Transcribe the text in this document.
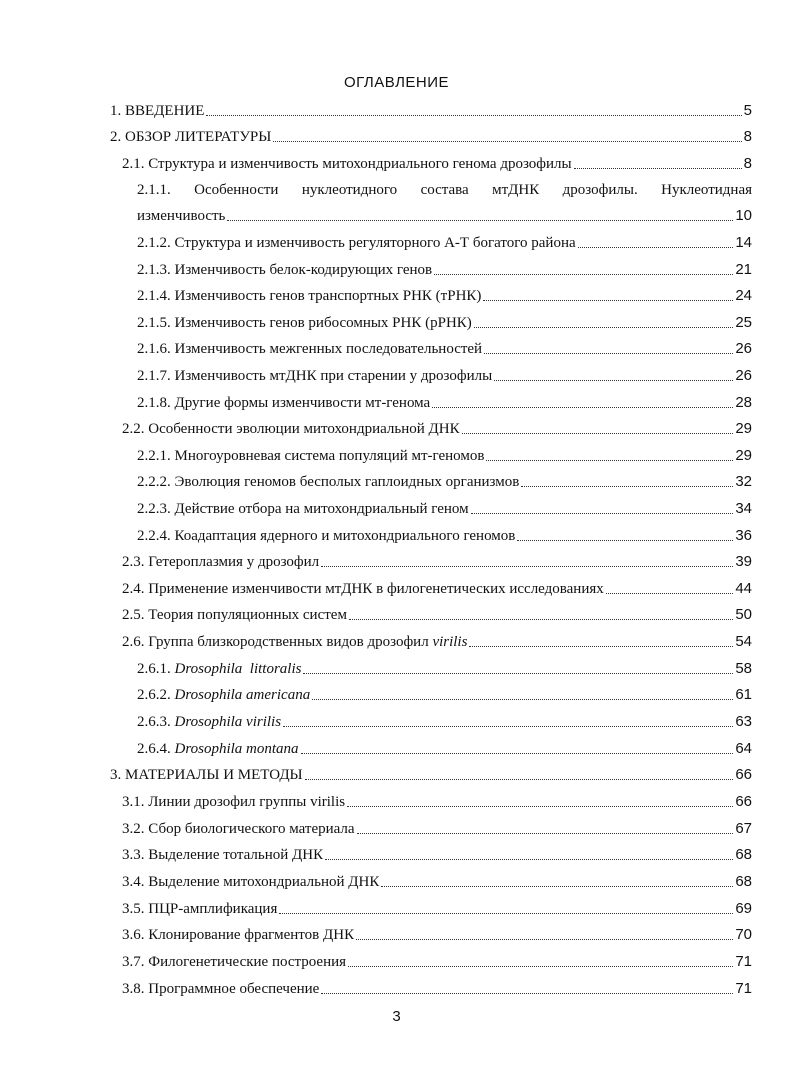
ОГЛАВЛЕНИЕ
1. ВВЕДЕНИЕ	5
2. ОБЗОР ЛИТЕРАТУРЫ	8
2.1. Структура и изменчивость митохондриального генома дрозофилы	8
2.1.1. Особенности нуклеотидного состава мтДНК дрозофилы. Нуклеотидная
изменчивость	10
2.1.2. Структура и изменчивость регуляторного А-Т богатого района	14
2.1.3. Изменчивость белок-кодирующих генов	21
2.1.4. Изменчивость генов транспортных РНК (тРНК)	24
2.1.5. Изменчивость генов рибосомных РНК (рРНК)	25
2.1.6. Изменчивость межгенных последовательностей	26
2.1.7. Изменчивость мтДНК при старении у дрозофилы	26
2.1.8. Другие формы изменчивости мт-генома	28
2.2. Особенности эволюции митохондриальной ДНК	29
2.2.1. Многоуровневая система популяций мт-геномов	29
2.2.2. Эволюция геномов бесполых гаплоидных организмов	32
2.2.3. Действие отбора на митохондриальный геном	34
2.2.4. Коадаптация ядерного и митохондриального геномов	36
2.3. Гетероплазмия у дрозофил	39
2.4. Применение изменчивости мтДНК в филогенетических исследованиях	44
2.5. Теория популяционных систем	50
2.6. Группа близкородственных видов дрозофил virilis	54
2.6.1. Drosophila  littoralis	58
2.6.2. Drosophila americana	61
2.6.3. Drosophila virilis	63
2.6.4. Drosophila montana	64
3. МАТЕРИАЛЫ И МЕТОДЫ	66
3.1. Линии дрозофил группы virilis	66
3.2. Сбор биологического материала	67
3.3. Выделение тотальной ДНК	68
3.4. Выделение митохондриальной ДНК	68
3.5. ПЦР-амплификация	69
3.6. Клонирование фрагментов ДНК	70
3.7. Филогенетические построения	71
3.8. Программное обеспечение	71
3
